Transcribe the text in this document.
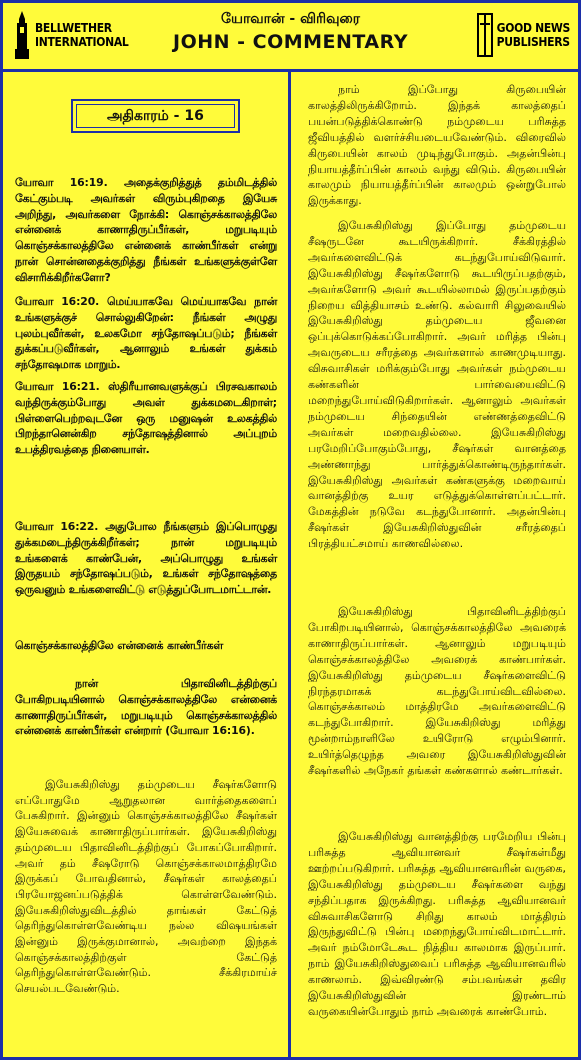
BELLWETHER
INTERNATIONAL
யோவான் - விரிவுரை
JOHN - COMMENTARY
GOOD NEWS
PUBLISHERS
அதிகாரம் - 16
யோவா 16:19. அதைக்குறித்துத் தம்மிடத்தில் கேட்கும்படி அவர்கள் விரும்புகிறதை இயேசு அறிந்து, அவர்களை நோக்கி: கொஞ்சக்காலத்திலே என்னைக் காணாதிருப்பீர்கள், மறுபடியும் கொஞ்சக்காலத்திலே என்னைக் காண்பீர்கள் என்று நான் சொன்னதைக்குறித்து நீங்கள் உங்களுக்குள்ளே விசாரிக்கிறீர்களோ?
யோவா 16:20. மெய்யாகவே மெய்யாகவே நான் உங்களுக்குச் சொல்லுகிறேன்: நீங்கள் அழுது புலம்புவீர்கள், உலகமோ சந்தோஷப்படும்; நீங்கள் துக்கப்படுவீர்கள், ஆனாலும் உங்கள் துக்கம் சந்தோஷமாக மாறும்.
யோவா 16:21. ஸ்திரீயானவளுக்குப் பிரசவகாலம் வந்திருக்கும்போது அவள் துக்கமடைகிறாள்; பிள்ளைபெற்றவுடனே ஒரு மனுஷன் உலகத்தில் பிறந்தானென்கிற சந்தோஷத்தினால் அப்புறம் உபத்திரவத்தை நினையாள்.
யோவா 16:22. அதுபோல நீங்களும் இப்பொழுது துக்கமடைந்திருக்கிறீர்கள்; நான் மறுபடியும் உங்களைக் காண்பேன், அப்பொழுது உங்கள் இருதயம் சந்தோஷப்படும், உங்கள் சந்தோஷத்தை ஒருவனும் உங்களைவிட்டு எடுத்துப்போடமாட்டான்.
கொஞ்சக்காலத்திலே என்னைக் காண்பீர்கள்
நான் பிதாவினிடத்திற்குப் போகிறபடியினால் கொஞ்சக்காலத்திலே என்னைக் காணாதிருப்பீர்கள், மறுபடியும் கொஞ்சக்காலத்தில் என்னைக் காண்பீர்கள் என்றார் (யோவா 16:16).
இயேசுகிறிஸ்து தம்முடைய சீஷர்களோடு எப்போதுமே ஆறுதலான வார்த்தைகளைப் பேசுகிறார். இன்னும் கொஞ்சக்காலத்திலே சீஷர்கள் இயேசுவைக் காணாதிருப்பார்கள். இயேசுகிறிஸ்து தம்முடைய பிதாவினிடத்திற்குப் போகப்போகிறார். அவர் தம் சீஷரோடு கொஞ்சக்காலமாத்திரமே இருக்கப் போவதினால், சீஷர்கள் காலத்தைப் பிரயோஜனப்படுத்திக் கொள்ளவேண்டும். இயேசுகிறிஸ்துவிடத்தில் தாங்கள் கேட்டுத் தெரிந்துகொள்ளவேண்டிய நல்ல விஷயங்கள் இன்னும் இருக்குமானால், அவற்றை இந்தக் கொஞ்சக்காலத்திற்குள் கேட்டுத் தெரிந்துகொள்ளவேண்டும். சீக்கிரமாய்ச் செயல்படவேண்டும்.
நாம் இப்போது கிருபையின் காலத்திலிருக்கிறோம். இந்தக் காலத்தைப் பயன்படுத்திக்கொண்டு நம்முடைய பரிசுத்த ஜீவியத்தில் வளர்ச்சியடையவேண்டும். விரைவில் கிருபையின் காலம் முடிந்துபோகும். அதன்பின்பு நியாயத்தீர்ப்பின் காலம் வந்து விடும். கிருபையின் காலமும் நியாயத்தீர்ப்பின் காலமும் ஒன்றுபோல் இருக்காது.
இயேசுகிறிஸ்து இப்போது தம்முடைய சீஷருடனே கூடயிருக்கிறார். சீக்கிரத்தில் அவர்களைவிட்டுக் கடந்துபோய்விடுவார். இயேசுகிறிஸ்து சீஷர்களோடு கூடயிருப்பதற்கும், அவர்களோடு அவர் கூடயில்லாமல் இருப்பதற்கும் நிறைய வித்தியாசம் உண்டு. கல்வாரி சிலுவையில் இயேசுகிறிஸ்து தம்முடைய ஜீவனை ஒப்புக்கொடுக்கப்போகிறார். அவர் மரித்த பின்பு அவருடைய சரீரத்தை அவர்களால் காணமுடியாது. விசுவாசிகள் மரிக்கும்போது அவர்கள் நம்முடைய கண்களின் பார்வையைவிட்டு மறைந்துபோய்விடுகிறார்கள். ஆனாலும் அவர்கள் நம்முடைய சிந்தையின் எண்ணத்தைவிட்டு அவர்கள் மறைவதில்லை. இயேசுகிறிஸ்து பரமேறிப்போகும்போது, சீஷர்கள் வானத்தை அண்ணாந்து பார்த்துக்கொண்டிருந்தார்கள். இயேசுகிறிஸ்து அவர்கள் கண்களுக்கு மறைவாய் வானத்திற்கு உயர எடுத்துக்கொள்ளப்பட்டார். மேகத்தின் நடுவே கடந்துபோனார். அதன்பின்பு சீஷர்கள் இயேசுகிறிஸ்துவின் சரீரத்தைப் பிரத்தியட்சமாய் காணவில்லை.
இயேசுகிறிஸ்து பிதாவினிடத்திற்குப் போகிறபடியினால், கொஞ்சக்காலத்திலே அவரைக் காணாதிருப்பார்கள். ஆனாலும் மறுபடியும் கொஞ்சக்காலத்திலே அவரைக் காண்பார்கள். இயேசுகிறிஸ்து தம்முடைய சீஷர்களைவிட்டு நிரந்தரமாகக் கடந்துபோய்விடவில்லை. கொஞ்சக்காலம் மாத்திரமே அவர்களைவிட்டு கடந்துபோகிறார். இயேசுகிறிஸ்து மரித்து மூன்றாம்நாளிலே உயிரோடு எழும்பினார். உயிர்த்தெழுந்த அவரை இயேசுகிறிஸ்துவின் சீஷர்களில் அநேகர் தங்கள் கண்களால் கண்டார்கள்.
இயேசுகிறிஸ்து வானத்திற்கு பரமேறிய பின்பு பரிசுத்த ஆவியானவர் சீஷர்கள்மீது ஊற்றப்படுகிறார். பரிசுத்த ஆவியானவரின் வருகை, இயேசுகிறிஸ்து தம்முடைய சீஷர்களை வந்து சந்திப்பதாக இருக்கிறது. பரிசுத்த ஆவியானவர் விசுவாசிகளோடு சிறிது காலம் மாத்திரம் இருந்துவிட்டு பின்பு மறைந்துபோய்விடமாட்டார். அவர் நம்மோடேகூட நித்திய காலமாக இருப்பார். நாம் இயேசுகிறிஸ்துவைப் பரிசுத்த ஆவியானவரில் காணலாம். இவ்விரண்டு சம்பவங்கள் தவிர இயேசுகிறிஸ்துவின் இரண்டாம் வருகையின்போதும் நாம் அவரைக் காண்போம்.
